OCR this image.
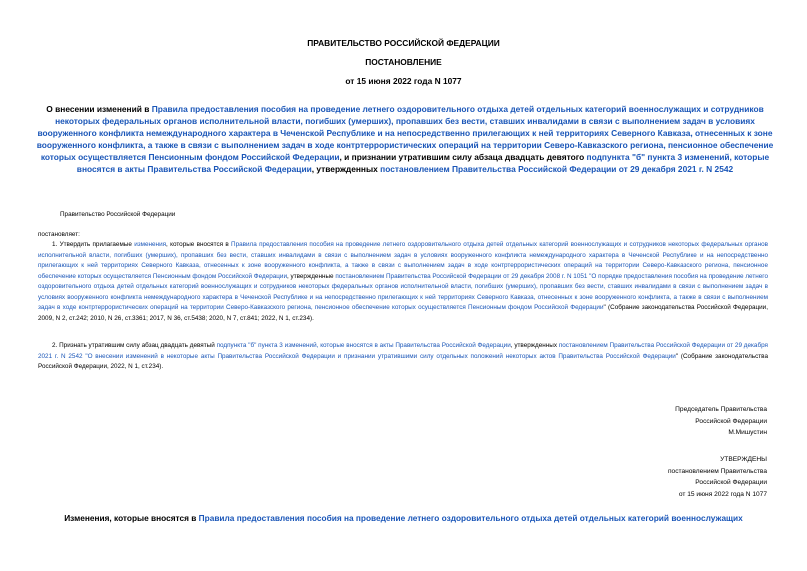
ПРАВИТЕЛЬСТВО РОССИЙСКОЙ ФЕДЕРАЦИИ
ПОСТАНОВЛЕНИЕ
от 15 июня 2022 года N 1077
О внесении изменений в Правила предоставления пособия на проведение летнего оздоровительного отдыха детей отдельных категорий военнослужащих и сотрудников некоторых федеральных органов исполнительной власти, погибших (умерших), пропавших без вести, ставших инвалидами в связи с выполнением задач в условиях вооруженного конфликта немеждународного характера в Чеченской Республике и на непосредственно прилегающих к ней территориях Северного Кавказа, отнесенных к зоне вооруженного конфликта, а также в связи с выполнением задач в ходе контртеррористических операций на территории Северо-Кавказского региона, пенсионное обеспечение которых осуществляется Пенсионным фондом Российской Федерации, и признании утратившим силу абзаца двадцать девятого подпункта "б" пункта 3 изменений, которые вносятся в акты Правительства Российской Федерации, утвержденных постановлением Правительства Российской Федерации от 29 декабря 2021 г. N 2542
Правительство Российской Федерации
постановляет:

1. Утвердить прилагаемые изменения, которые вносятся в Правила предоставления пособия на проведение летнего оздоровительного отдыха детей отдельных категорий военнослужащих и сотрудников некоторых федеральных органов исполнительной власти, погибших (умерших), пропавших без вести, ставших инвалидами в связи с выполнением задач в условиях вооруженного конфликта немеждународного характера в Чеченской Республике и на непосредственно прилегающих к ней территориях Северного Кавказа, отнесенных к зоне вооруженного конфликта, а также в связи с выполнением задач в ходе контртеррористических операций на территории Северо-Кавказского региона, пенсионное обеспечение которых осуществляется Пенсионным фондом Российской Федерации, утвержденные постановлением Правительства Российской Федерации от 29 декабря 2008 г. N 1051 "О порядке предоставления пособия на проведение летнего оздоровительного отдыха детей отдельных категорий военнослужащих и сотрудников некоторых федеральных органов исполнительной власти, погибших (умерших), пропавших без вести, ставших инвалидами в связи с выполнением задач в условиях вооруженного конфликта немеждународного характера в Чеченской Республике и на непосредственно прилегающих к ней территориях Северного Кавказа, отнесенных к зоне вооруженного конфликта, а также в связи с выполнением задач в ходе контртеррористических операций на территории Северо-Кавказского региона, пенсионное обеспечение которых осуществляется Пенсионным фондом Российской Федерации" (Собрание законодательства Российской Федерации, 2009, N 2, ст.242; 2010, N 26, ст.3361; 2017, N 36, ст.5438; 2020, N 7, ст.841; 2022, N 1, ст.234).

2. Признать утратившим силу абзац двадцать девятый подпункта "б" пункта 3 изменений, которые вносятся в акты Правительства Российской Федерации, утвержденных постановлением Правительства Российской Федерации от 29 декабря 2021 г. N 2542 "О внесении изменений в некоторые акты Правительства Российской Федерации и признании утратившими силу отдельных положений некоторых актов Правительства Российской Федерации" (Собрание законодательства Российской Федерации, 2022, N 1, ст.234).

Председатель Правительства
Российской Федерации
М.Мишустин
УТВЕРЖДЕНЫ
постановлением Правительства
Российской Федерации
от 15 июня 2022 года N 1077
Изменения, которые вносятся в Правила предоставления пособия на проведение летнего оздоровительного отдыха детей отдельных категорий военнослужащих
